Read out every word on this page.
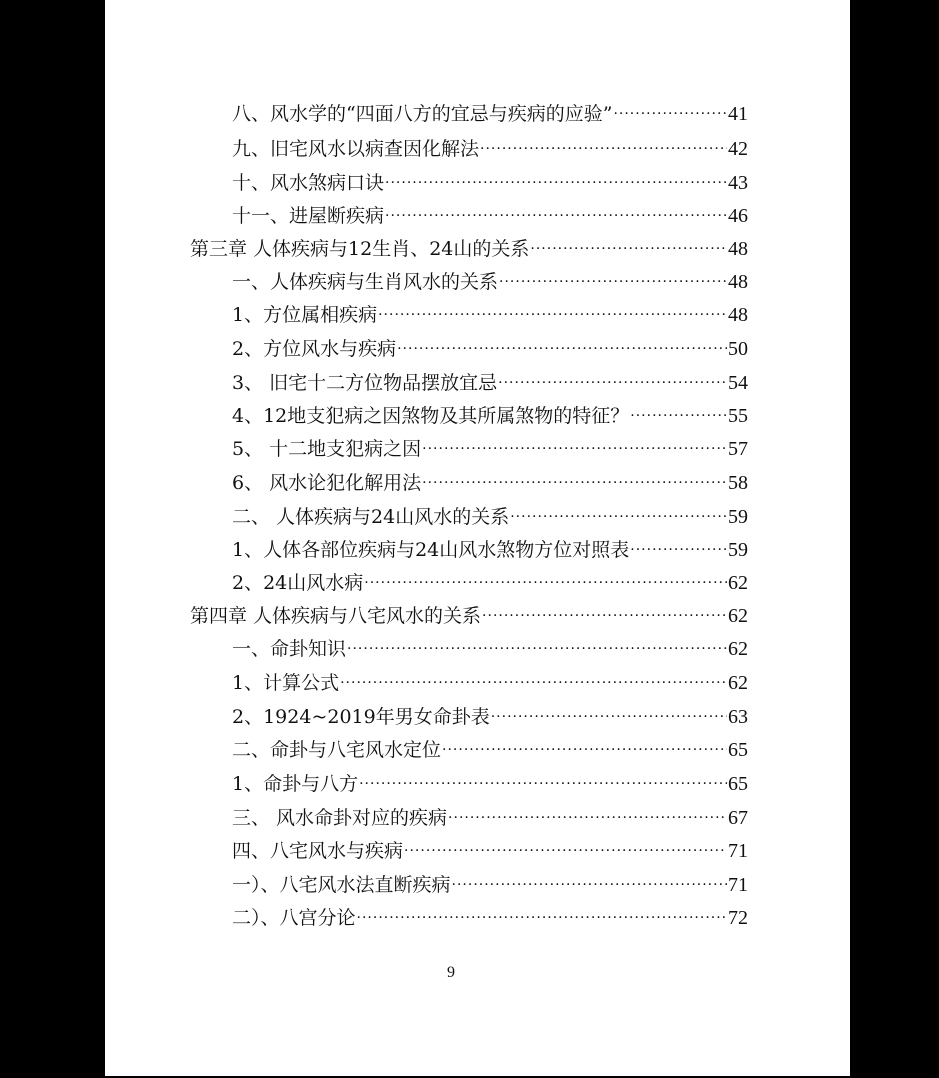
八、风水学的“四面八方的宜忌与疾病的应验” ·····	41
九、旧宅风水以病查因化解法 ·····	42
十、风水煞病口诀 ·····	43
十一、进屋断疾病 ·····	46
第三章 人体疾病与12生肖、24山的关系 ·····	48
一、人体疾病与生肖风水的关系 ·····	48
1、方位属相疾病 ·····	48
2、方位风水与疾病 ·····	50
3、 旧宅十二方位物品摆放宜忌 ·····	54
4、12地支犯病之因煞物及其所属煞物的特征？ ·····	55
5、 十二地支犯病之因 ·····	57
6、 风水论犯化解用法 ·····	58
二、 人体疾病与24山风水的关系 ·····	59
1、人体各部位疾病与24山风水煞物方位对照表 ·····	59
2、24山风水病 ·····	62
第四章 人体疾病与八宅风水的关系 ·····	62
一、命卦知识 ·····	62
1、计算公式 ·····	62
2、1924~2019年男女命卦表 ·····	63
二、命卦与八宅风水定位 ·····	65
1、命卦与八方 ·····	65
三、 风水命卦对应的疾病 ·····	67
四、八宅风水与疾病 ·····	71
一）、八宅风水法直断疾病 ·····	71
二）、八宫分论 ·····	72
9
